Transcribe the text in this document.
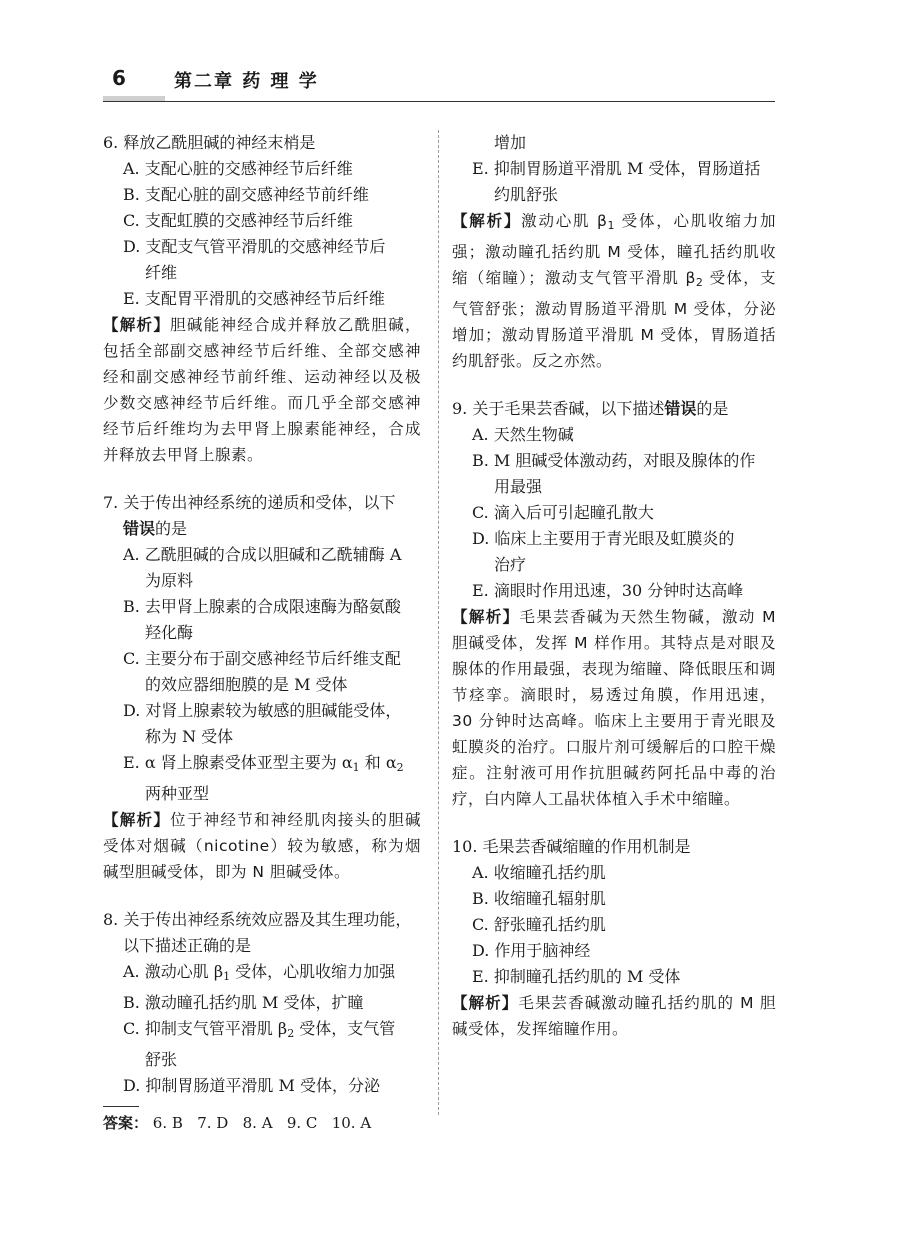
6	第二章 药 理 学

6. 释放乙酰胆碱的神经末梢是

A. 支配心脏的交感神经节后纤维

B. 支配心脏的副交感神经节前纤维

C. 支配虹膜的交感神经节后纤维

D. 支配支气管平滑肌的交感神经节后

纤维

E. 支配胃平滑肌的交感神经节后纤维

【解析】胆碱能神经合成并释放乙酰胆碱，包括全部副交感神经节后纤维、全部交感神经和副交感神经节前纤维、运动神经以及极少数交感神经节后纤维。而几乎全部交感神经节后纤维均为去甲肾上腺素能神经，合成并释放去甲肾上腺素。

7. 关于传出神经系统的递质和受体，以下
错误的是

A. 乙酰胆碱的合成以胆碱和乙酰辅酶 A

为原料

B. 去甲肾上腺素的合成限速酶为酪氨酸

羟化酶

C. 主要分布于副交感神经节后纤维支配

的效应器细胞膜的是 M 受体

D. 对肾上腺素较为敏感的胆碱能受体，

称为 N 受体

E. α 肾上腺素受体亚型主要为 $\alpha_1$ 和 $\alpha_2$

两种亚型

【解析】位于神经节和神经肌肉接头的胆碱受体对烟碱（nicotine）较为敏感，称为烟碱型胆碱受体，即为 N 胆碱受体。

8. 关于传出神经系统效应器及其生理功能，以下描述正确的是

A. 激动心肌 $\beta_1$ 受体，心肌收缩力加强

B. 激动瞳孔括约肌 M 受体，扩瞳

C. 抑制支气管平滑肌 $\beta_2$ 受体，支气管

舒张

D. 抑制胃肠道平滑肌 M 受体，分泌

增加

E. 抑制胃肠道平滑肌 M 受体，胃肠道括

约肌舒张

【解析】激动心肌 $\beta_1$ 受体，心肌收缩力加强；激动瞳孔括约肌 M 受体，瞳孔括约肌收缩（缩瞳）；激动支气管平滑肌 $\beta_2$ 受体，支气管舒张；激动胃肠道平滑肌 M 受体，分泌增加；激动胃肠道平滑肌 M 受体，胃肠道括约肌舒张。反之亦然。

9. 关于毛果芸香碱，以下描述错误的是

A. 天然生物碱

B. M 胆碱受体激动药，对眼及腺体的作

用最强

C. 滴入后可引起瞳孔散大

D. 临床上主要用于青光眼及虹膜炎的

治疗

E. 滴眼时作用迅速，30 分钟时达高峰

【解析】毛果芸香碱为天然生物碱，激动 M 胆碱受体，发挥 M 样作用。其特点是对眼及腺体的作用最强，表现为缩瞳、降低眼压和调节痉挛。滴眼时，易透过角膜，作用迅速，30 分钟时达高峰。临床上主要用于青光眼及虹膜炎的治疗。口服片剂可缓解后的口腔干燥症。注射液可用作抗胆碱药阿托品中毒的治疗，白内障人工晶状体植入手术中缩瞳。

10. 毛果芸香碱缩瞳的作用机制是

A. 收缩瞳孔括约肌

B. 收缩瞳孔辐射肌

C. 舒张瞳孔括约肌

D. 作用于脑神经

E. 抑制瞳孔括约肌的 M 受体

【解析】毛果芸香碱激动瞳孔括约肌的 M 胆碱受体，发挥缩瞳作用。

答案： 6. B   7. D   8. A   9. C   10. A
